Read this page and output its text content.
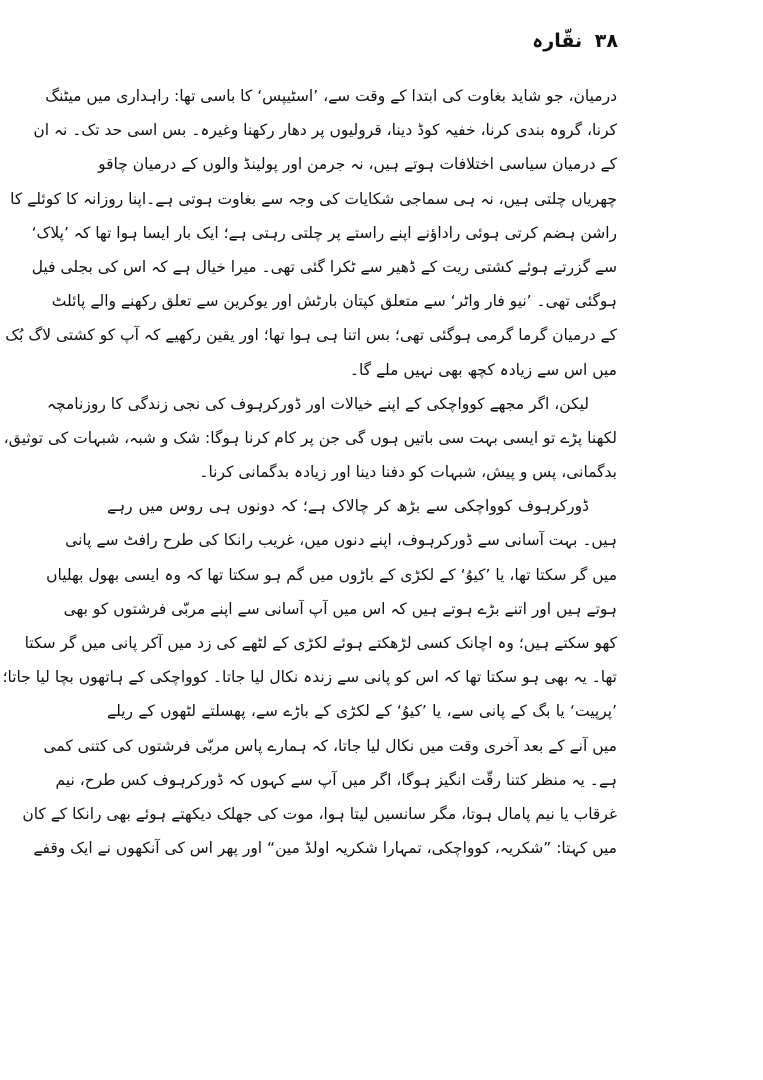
۳۸ نقّارہ
درمیان، جو شاید بغاوت کی ابتدا کے وقت سے، ’اسٹیپس‘ کا باسی تھا: راہداری میں میٹنگ
کرنا، گروہ بندی کرنا، خفیہ کوڈ دینا، قرولیوں پر دھار رکھنا وغیرہ۔ بس اسی حد تک۔ نہ ان
کے درمیان سیاسی اختلافات ہوتے ہیں، نہ جرمن اور پولینڈ والوں کے درمیان چاقو
چھریاں چلتی ہیں، نہ ہی سماجی شکایات کی وجہ سے بغاوت ہوتی ہے۔اپنا روزانہ کا کوئلے کا
راشن ہضم کرتی ہوئی راداؤنے اپنے راستے پر چلتی رہتی ہے؛ ایک بار ایسا ہوا تھا کہ ’پلاک‘
سے گزرتے ہوئے کشتی ریت کے ڈھیر سے ٹکرا گئی تھی۔ میرا خیال ہے کہ اس کی بجلی فیل
ہوگئی تھی۔ ’نیو فار واٹر‘ سے متعلق کپتان بارٹش اور یوکرین سے تعلق رکھنے والے پائلٹ
کے درمیان گرما گرمی ہوگئی تھی؛ بس اتنا ہی ہوا تھا؛ اور یقین رکھیے کہ آپ کو کشتی لاگ بُک
میں اس سے زیادہ کچھ بھی نہیں ملے گا۔
لیکن، اگر مجھے کوواچکی کے اپنے خیالات اور ڈورکرہوف کی نجی زندگی کا روزنامچہ
لکھنا پڑے تو ایسی بہت سی باتیں ہوں گی جن پر کام کرنا ہوگا: شک و شبہ، شبہات کی توثیق،
بدگمانی، پس و پیش، شبہات کو دفنا دینا اور زیادہ بدگمانی کرنا۔
ڈورکرہوف کوواچکی سے بڑھ کر چالاک ہے؛ کہ دونوں ہی روس میں رہے
ہیں۔ بہت آسانی سے ڈورکرہوف، اپنے دنوں میں، غریب رانکا کی طرح رافٹ سے پانی
میں گر سکتا تھا، یا ’کیوُ‘ کے لکڑی کے باڑوں میں گم ہو سکتا تھا کہ وہ ایسی بھول بھلیاں
ہوتے ہیں اور اتنے بڑے ہوتے ہیں کہ اس میں آپ آسانی سے اپنے مربّی فرشتوں کو بھی
کھو سکتے ہیں؛ وہ اچانک کسی لڑھکتے ہوئے لکڑی کے لٹھے کی زد میں آکر پانی میں گر سکتا
تھا۔ یہ بھی ہو سکتا تھا کہ اس کو پانی سے زندہ نکال لیا جاتا۔ کوواچکی کے ہاتھوں بچا لیا جاتا؛
’پرپیت‘ یا بگ کے پانی سے، یا ’کیوُ‘ کے لکڑی کے باڑے سے، پھسلتے لٹھوں کے ریلے
میں آنے کے بعد آخری وقت میں نکال لیا جاتا، کہ ہمارے پاس مربّی فرشتوں کی کتنی کمی
ہے۔ یہ منظر کتنا رقّت انگیز ہوگا، اگر میں آپ سے کہوں کہ ڈورکرہوف کس طرح، نیم
غرقاب یا نیم پامال ہوتا، مگر سانسیں لیتا ہوا، موت کی جھلک دیکھتے ہوئے بھی رانکا کے کان
میں کہتا: ”شکریہ، کوواچکی، تمہارا شکریہ اولڈ مین“ اور پھر اس کی آنکھوں نے ایک وقفے
